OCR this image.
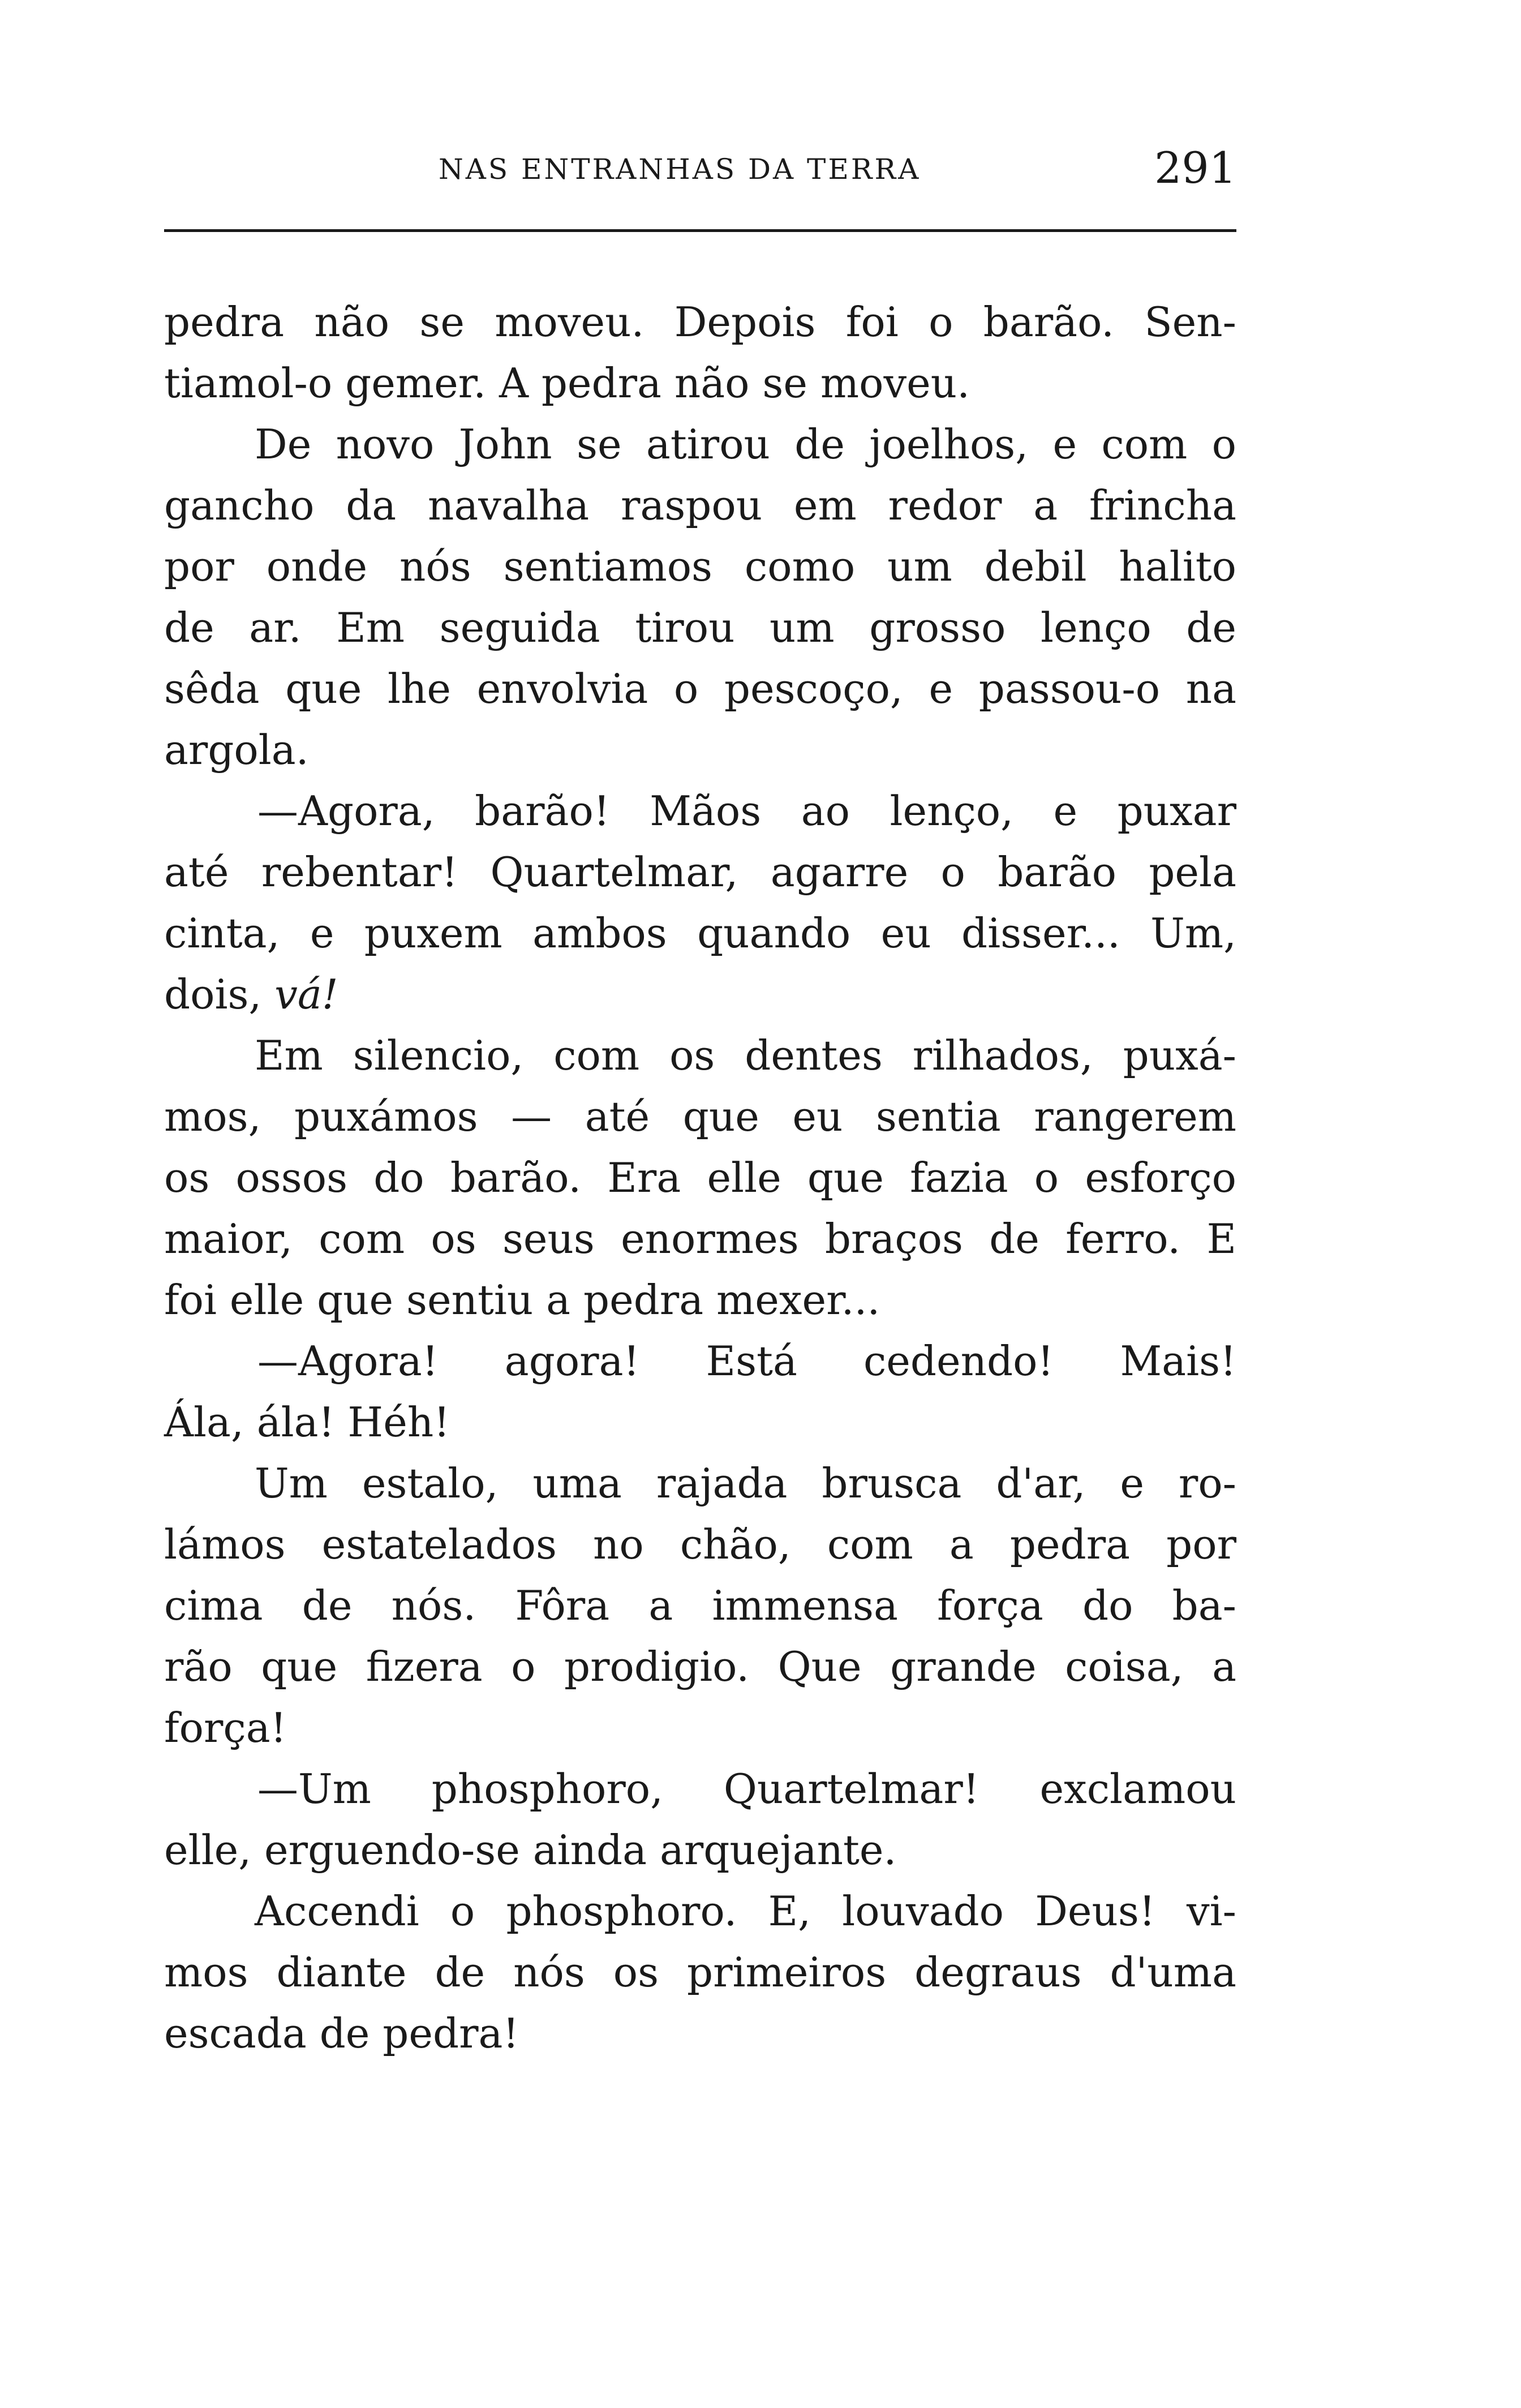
NAS ENTRANHAS DA TERRA	291
pedra não se moveu. Depois foi o barão. Sen-
tiamol-o gemer. A pedra não se moveu.
De novo John se atirou de joelhos, e com o
gancho da navalha raspou em redor a frincha
por onde nós sentiamos como um debil halito
de ar. Em seguida tirou um grosso lenço de
sêda que lhe envolvia o pescoço, e passou-o na
argola.
—Agora, barão! Mãos ao lenço, e puxar
até rebentar! Quartelmar, agarre o barão pela
cinta, e puxem ambos quando eu disser... Um,
dois, vá!
Em silencio, com os dentes rilhados, puxá-
mos, puxámos — até que eu sentia rangerem
os ossos do barão. Era elle que fazia o esforço
maior, com os seus enormes braços de ferro. E
foi elle que sentiu a pedra mexer...
—Agora! agora! Está cedendo! Mais!
Ála, ála! Héh!
Um estalo, uma rajada brusca d'ar, e ro-
lámos estatelados no chão, com a pedra por
cima de nós. Fôra a immensa força do ba-
rão que fizera o prodigio. Que grande coisa, a
força!
—Um phosphoro, Quartelmar! exclamou
elle, erguendo-se ainda arquejante.
Accendi o phosphoro. E, louvado Deus! vi-
mos diante de nós os primeiros degraus d'uma
escada de pedra!
